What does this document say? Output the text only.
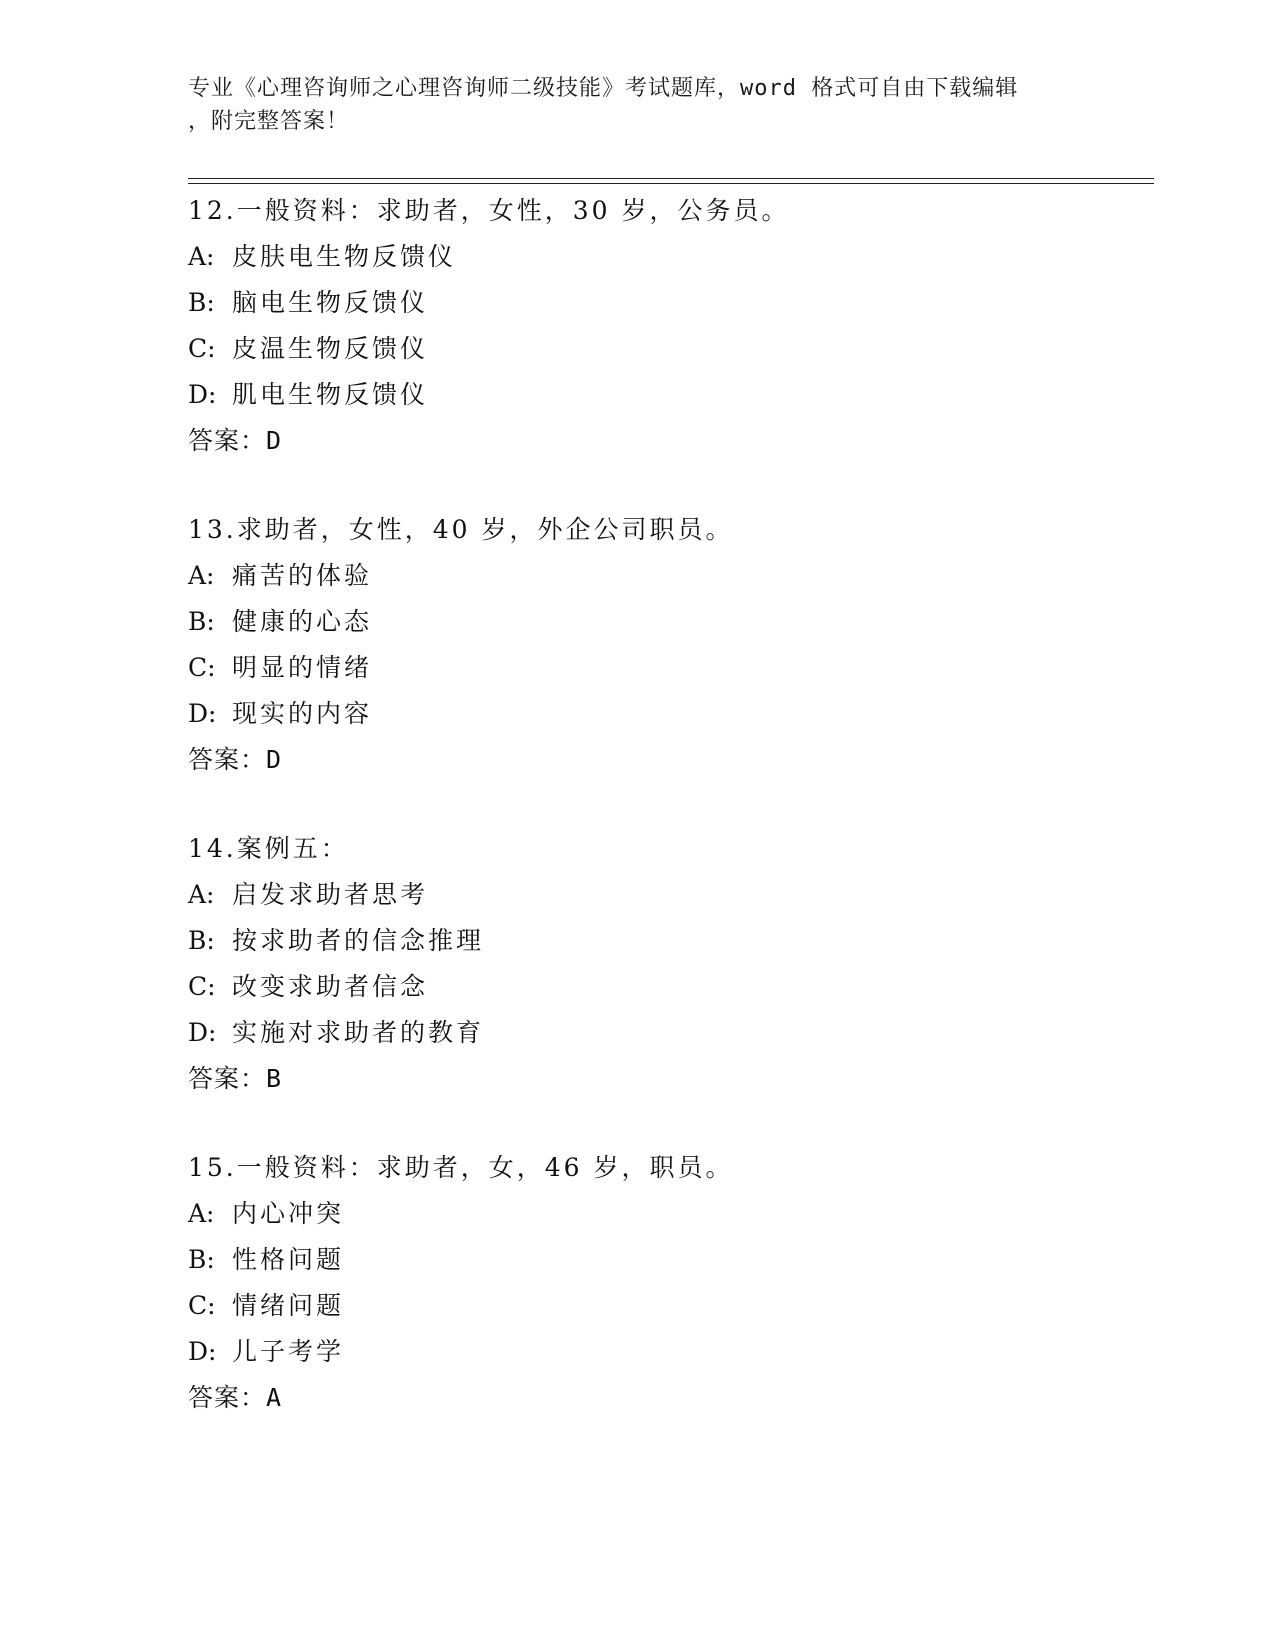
专业《心理咨询师之心理咨询师二级技能》考试题库，word 格式可自由下载编辑
，附完整答案！
12.一般资料：求助者，女性，30 岁，公务员。
A: 皮肤电生物反馈仪
B: 脑电生物反馈仪
C: 皮温生物反馈仪
D: 肌电生物反馈仪
答案：D
13.求助者，女性，40 岁，外企公司职员。
A: 痛苦的体验
B: 健康的心态
C: 明显的情绪
D: 现实的内容
答案：D
14.案例五：
A: 启发求助者思考
B: 按求助者的信念推理
C: 改变求助者信念
D: 实施对求助者的教育
答案：B
15.一般资料：求助者，女，46 岁，职员。
A: 内心冲突
B: 性格问题
C: 情绪问题
D: 儿子考学
答案：A
